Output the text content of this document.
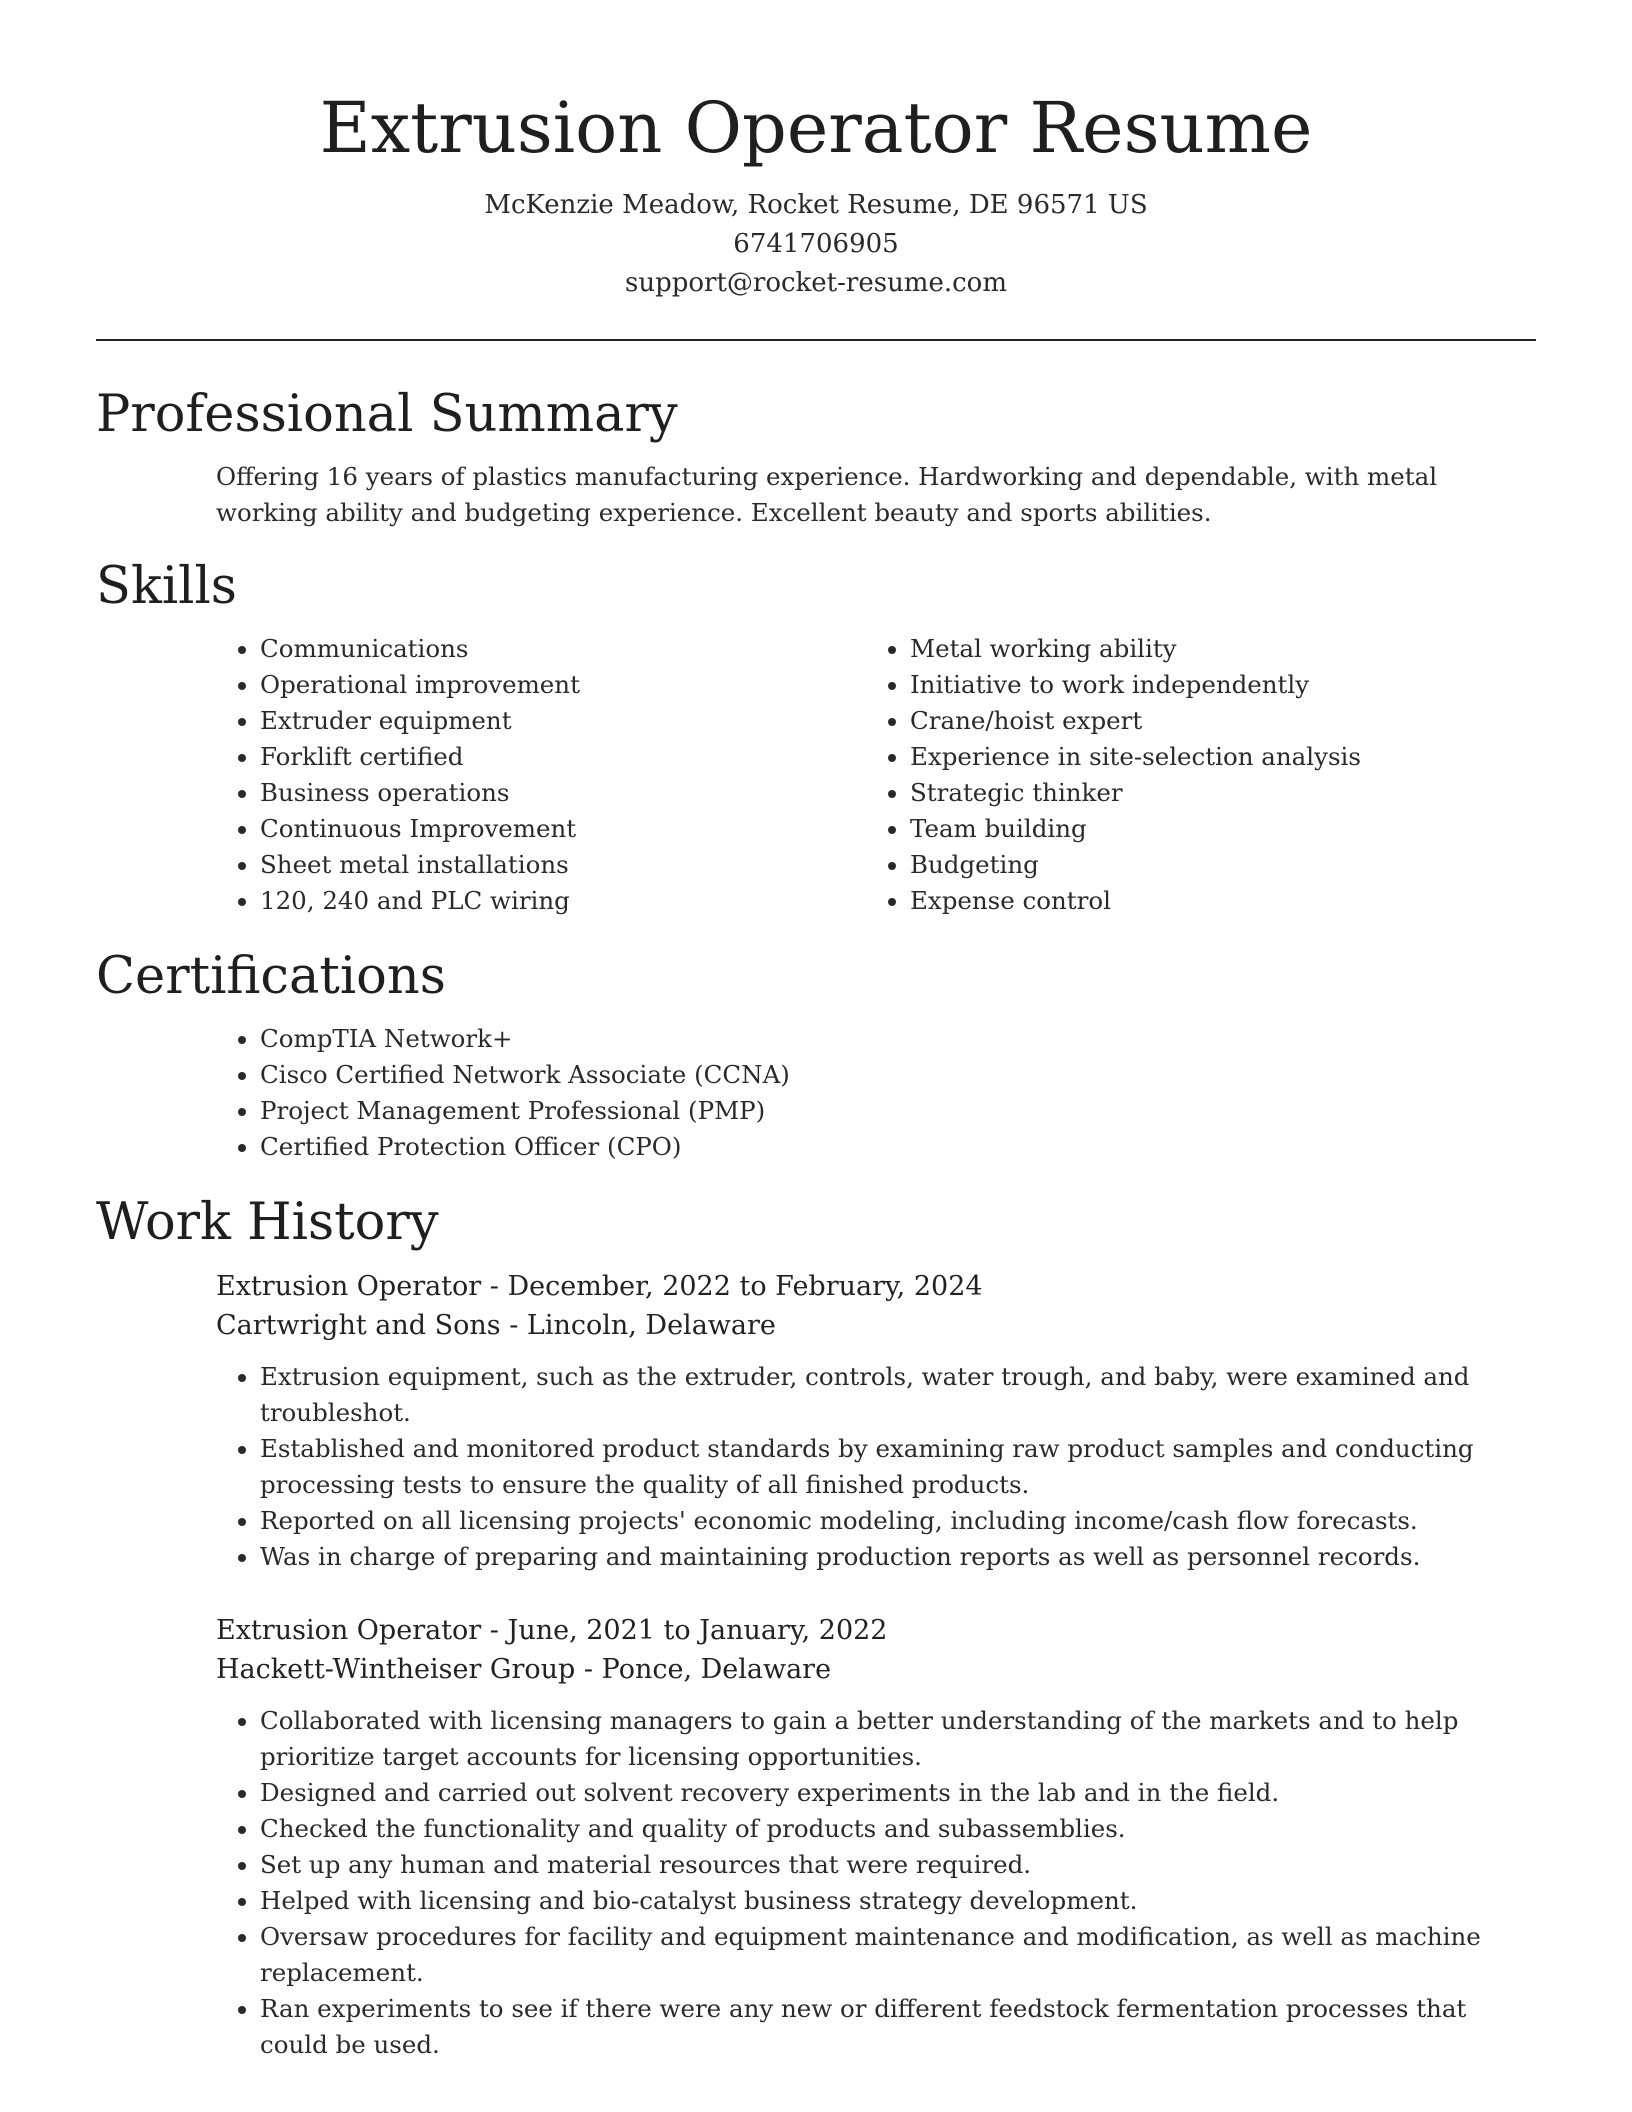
Extrusion Operator Resume
McKenzie Meadow, Rocket Resume, DE 96571 US
6741706905
support@rocket-resume.com
Professional Summary

Offering 16 years of plastics manufacturing experience. Hardworking and dependable, with metal working ability and budgeting experience. Excellent beauty and sports abilities.

Skills
• Communications
• Operational improvement
• Extruder equipment
• Forklift certified
• Business operations
• Continuous Improvement
• Sheet metal installations
• 120, 240 and PLC wiring
• Metal working ability
• Initiative to work independently
• Crane/hoist expert
• Experience in site-selection analysis
• Strategic thinker
• Team building
• Budgeting
• Expense control
Certifications
• CompTIA Network+
• Cisco Certified Network Associate (CCNA)
• Project Management Professional (PMP)
• Certified Protection Officer (CPO)
Work History
Extrusion Operator - December, 2022 to February, 2024
Cartwright and Sons - Lincoln, Delaware
• Extrusion equipment, such as the extruder, controls, water trough, and baby, were examined and troubleshot.
• Established and monitored product standards by examining raw product samples and conducting processing tests to ensure the quality of all finished products.
• Reported on all licensing projects' economic modeling, including income/cash flow forecasts.
• Was in charge of preparing and maintaining production reports as well as personnel records.
Extrusion Operator - June, 2021 to January, 2022
Hackett-Wintheiser Group - Ponce, Delaware
• Collaborated with licensing managers to gain a better understanding of the markets and to help prioritize target accounts for licensing opportunities.
• Designed and carried out solvent recovery experiments in the lab and in the field.
• Checked the functionality and quality of products and subassemblies.
• Set up any human and material resources that were required.
• Helped with licensing and bio-catalyst business strategy development.
• Oversaw procedures for facility and equipment maintenance and modification, as well as machine replacement.
• Ran experiments to see if there were any new or different feedstock fermentation processes that could be used.
